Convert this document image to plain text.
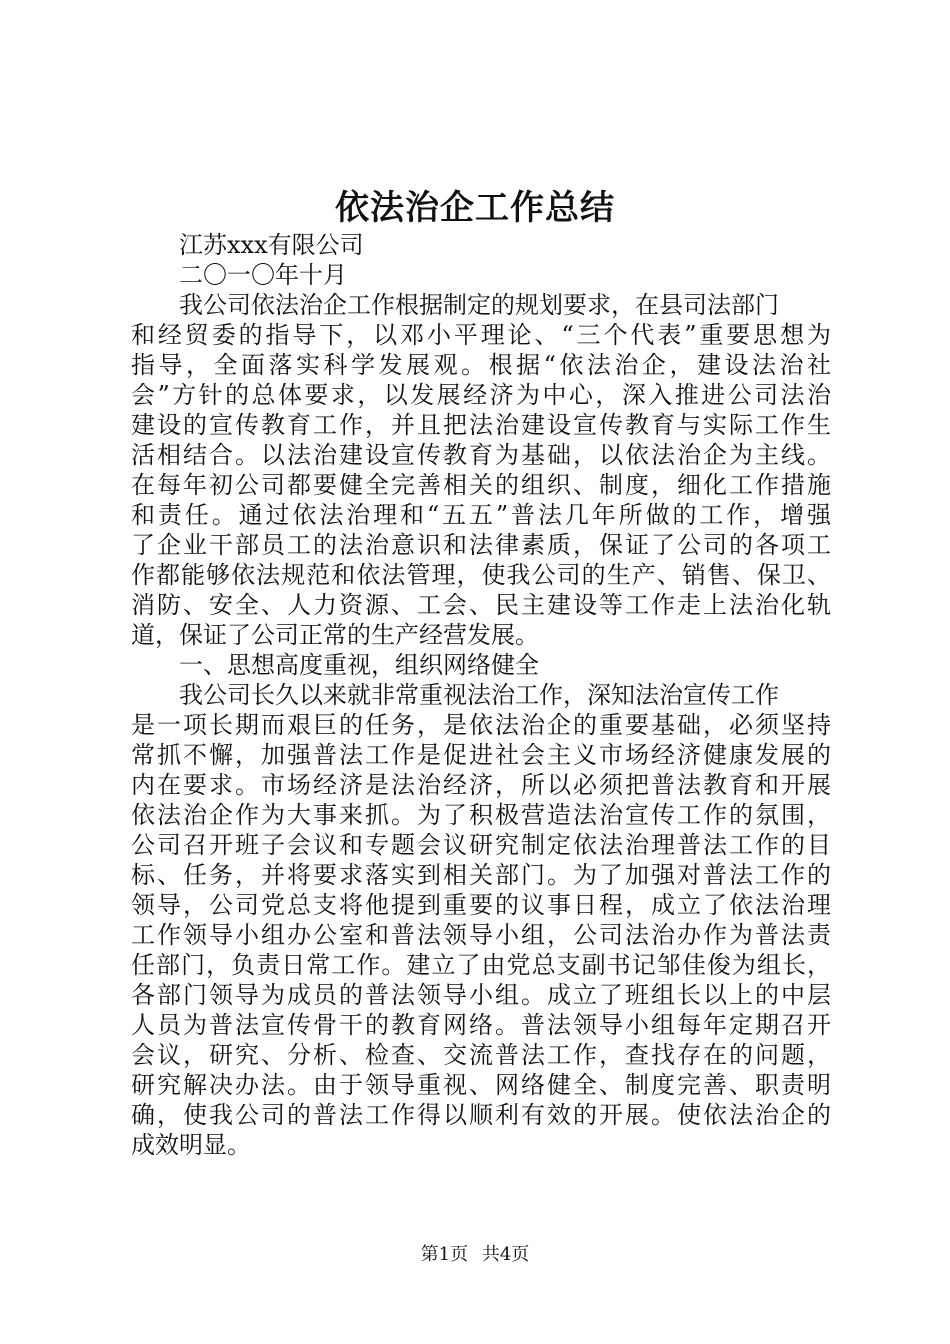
依法治企工作总结
江苏xxx有限公司
二〇一〇年十月
我公司依法治企工作根据制定的规划要求，在县司法部门
和经贸委的指导下，以邓小平理论、“三个代表”重要思想为
指导，全面落实科学发展观。根据“依法治企，建设法治社
会”方针的总体要求，以发展经济为中心，深入推进公司法治
建设的宣传教育工作，并且把法治建设宣传教育与实际工作生
活相结合。以法治建设宣传教育为基础，以依法治企为主线。
在每年初公司都要健全完善相关的组织、制度，细化工作措施
和责任。通过依法治理和“五五”普法几年所做的工作，增强
了企业干部员工的法治意识和法律素质，保证了公司的各项工
作都能够依法规范和依法管理，使我公司的生产、销售、保卫、
消防、安全、人力资源、工会、民主建设等工作走上法治化轨
道，保证了公司正常的生产经营发展。
一、思想高度重视，组织网络健全
我公司长久以来就非常重视法治工作，深知法治宣传工作
是一项长期而艰巨的任务，是依法治企的重要基础，必须坚持
常抓不懈，加强普法工作是促进社会主义市场经济健康发展的
内在要求。市场经济是法治经济，所以必须把普法教育和开展
依法治企作为大事来抓。为了积极营造法治宣传工作的氛围，
公司召开班子会议和专题会议研究制定依法治理普法工作的目
标、任务，并将要求落实到相关部门。为了加强对普法工作的
领导，公司党总支将他提到重要的议事日程，成立了依法治理
工作领导小组办公室和普法领导小组，公司法治办作为普法责
任部门，负责日常工作。建立了由党总支副书记邹佳俊为组长，
各部门领导为成员的普法领导小组。成立了班组长以上的中层
人员为普法宣传骨干的教育网络。普法领导小组每年定期召开
会议，研究、分析、检查、交流普法工作，查找存在的问题，
研究解决办法。由于领导重视、网络健全、制度完善、职责明
确，使我公司的普法工作得以顺利有效的开展。使依法治企的
成效明显。
第1页 共4页
